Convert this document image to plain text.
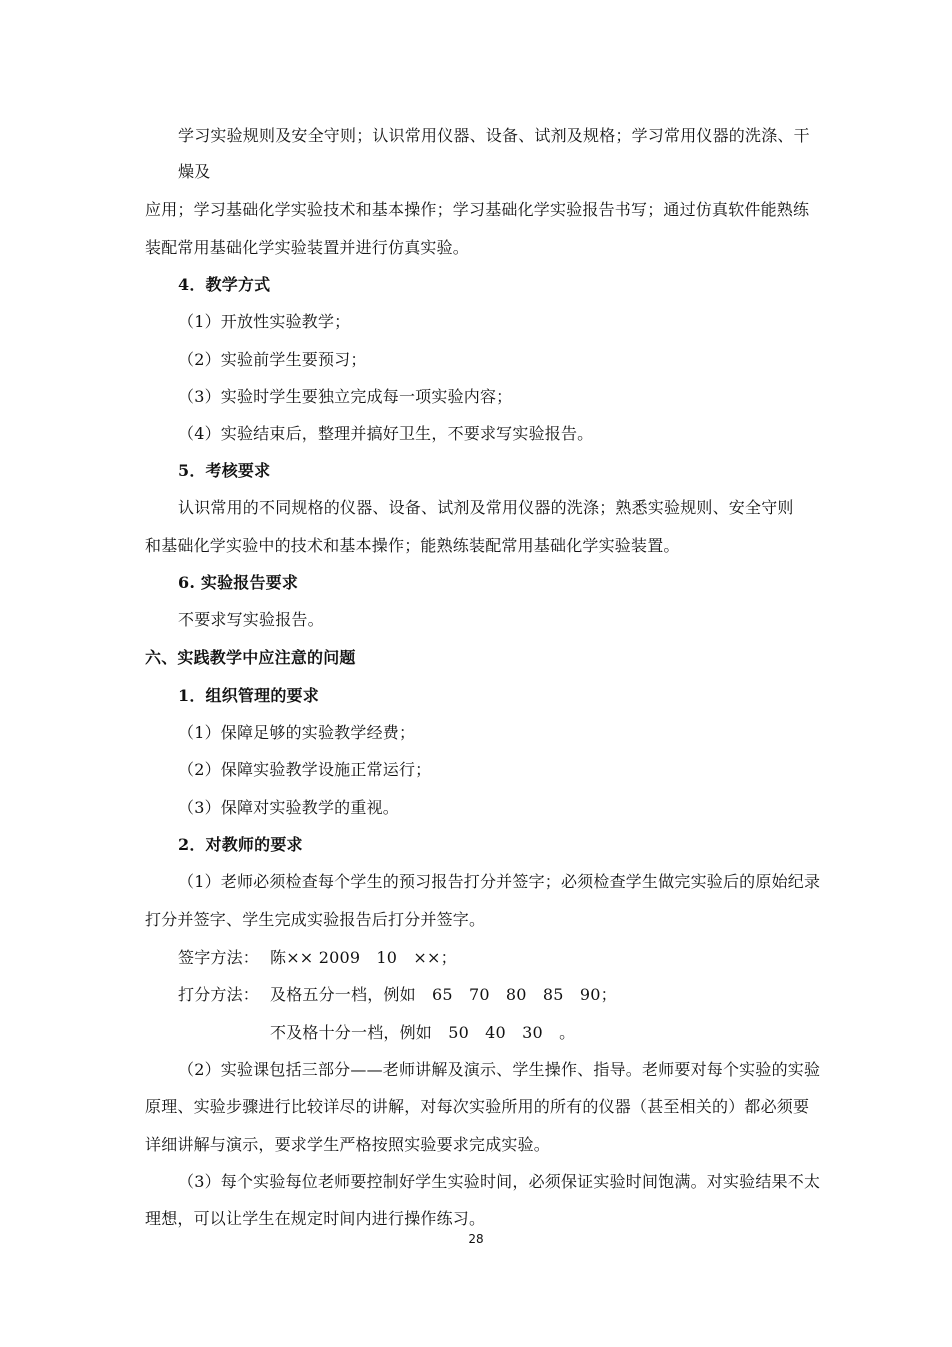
学习实验规则及安全守则；认识常用仪器、设备、试剂及规格；学习常用仪器的洗涤、干
燥及
应用；学习基础化学实验技术和基本操作；学习基础化学实验报告书写；通过仿真软件能熟练
装配常用基础化学实验装置并进行仿真实验。
4．教学方式
（1）开放性实验教学；
（2）实验前学生要预习；
（3）实验时学生要独立完成每一项实验内容；
（4）实验结束后，整理并搞好卫生，不要求写实验报告。
5．考核要求
认识常用的不同规格的仪器、设备、试剂及常用仪器的洗涤；熟悉实验规则、安全守则
和基础化学实验中的技术和基本操作；能熟练装配常用基础化学实验装置。
6. 实验报告要求
不要求写实验报告。
六、实践教学中应注意的问题
1．组织管理的要求
（1）保障足够的实验教学经费；
（2）保障实验教学设施正常运行；
（3）保障对实验教学的重视。
2．对教师的要求
（1）老师必须检查每个学生的预习报告打分并签字；必须检查学生做完实验后的原始纪录
打分并签字、学生完成实验报告后打分并签字。
签字方法： 陈×× 2009　10　××；
打分方法： 及格五分一档，例如　65　70　80　85　90；
不及格十分一档，例如　50　40　30　。
（2）实验课包括三部分——老师讲解及演示、学生操作、指导。老师要对每个实验的实验
原理、实验步骤进行比较详尽的讲解，对每次实验所用的所有的仪器（甚至相关的）都必须要
详细讲解与演示，要求学生严格按照实验要求完成实验。
（3）每个实验每位老师要控制好学生实验时间，必须保证实验时间饱满。对实验结果不太
理想，可以让学生在规定时间内进行操作练习。
28
